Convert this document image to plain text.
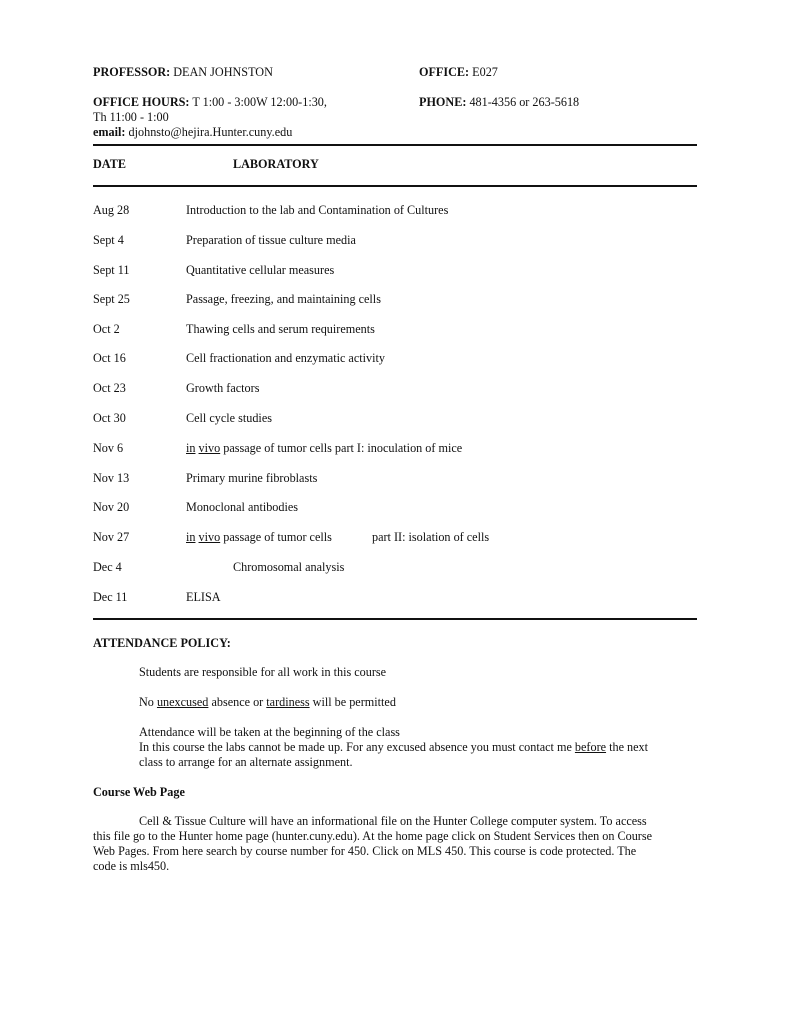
PROFESSOR: DEAN JOHNSTON	OFFICE: E027
OFFICE HOURS: T 1:00 - 3:00W 12:00-1:30,	PHONE: 481-4356 or 263-5618
Th 11:00 - 1:00
email: djohnsto@hejira.Hunter.cuny.edu
DATE	LABORATORY
Aug 28	Introduction to the lab and Contamination of Cultures
Sept 4	Preparation of tissue culture media
Sept 11	Quantitative cellular measures
Sept 25	Passage, freezing, and maintaining cells
Oct 2	Thawing cells and serum requirements
Oct 16	Cell fractionation and enzymatic activity
Oct 23	Growth factors
Oct 30	Cell cycle studies
Nov 6	in vivo passage of tumor cells part I: inoculation of mice
Nov 13	Primary murine fibroblasts
Nov 20	Monoclonal antibodies
Nov 27	in vivo passage of tumor cells	part II: isolation of cells
Dec 4	Chromosomal analysis
Dec 11	ELISA
ATTENDANCE POLICY:
Students are responsible for all work in this course
No unexcused absence or tardiness will be permitted
Attendance will be taken at the beginning of the class
In this course the labs cannot be made up. For any excused absence you must contact me before the next
class to arrange for an alternate assignment.
Course Web Page
Cell & Tissue Culture will have an informational file on the Hunter College computer system. To access
this file go to the Hunter home page (hunter.cuny.edu). At the home page click on Student Services then on Course
Web Pages. From here search by course number for 450. Click on MLS 450. This course is code protected. The
code is mls450.
